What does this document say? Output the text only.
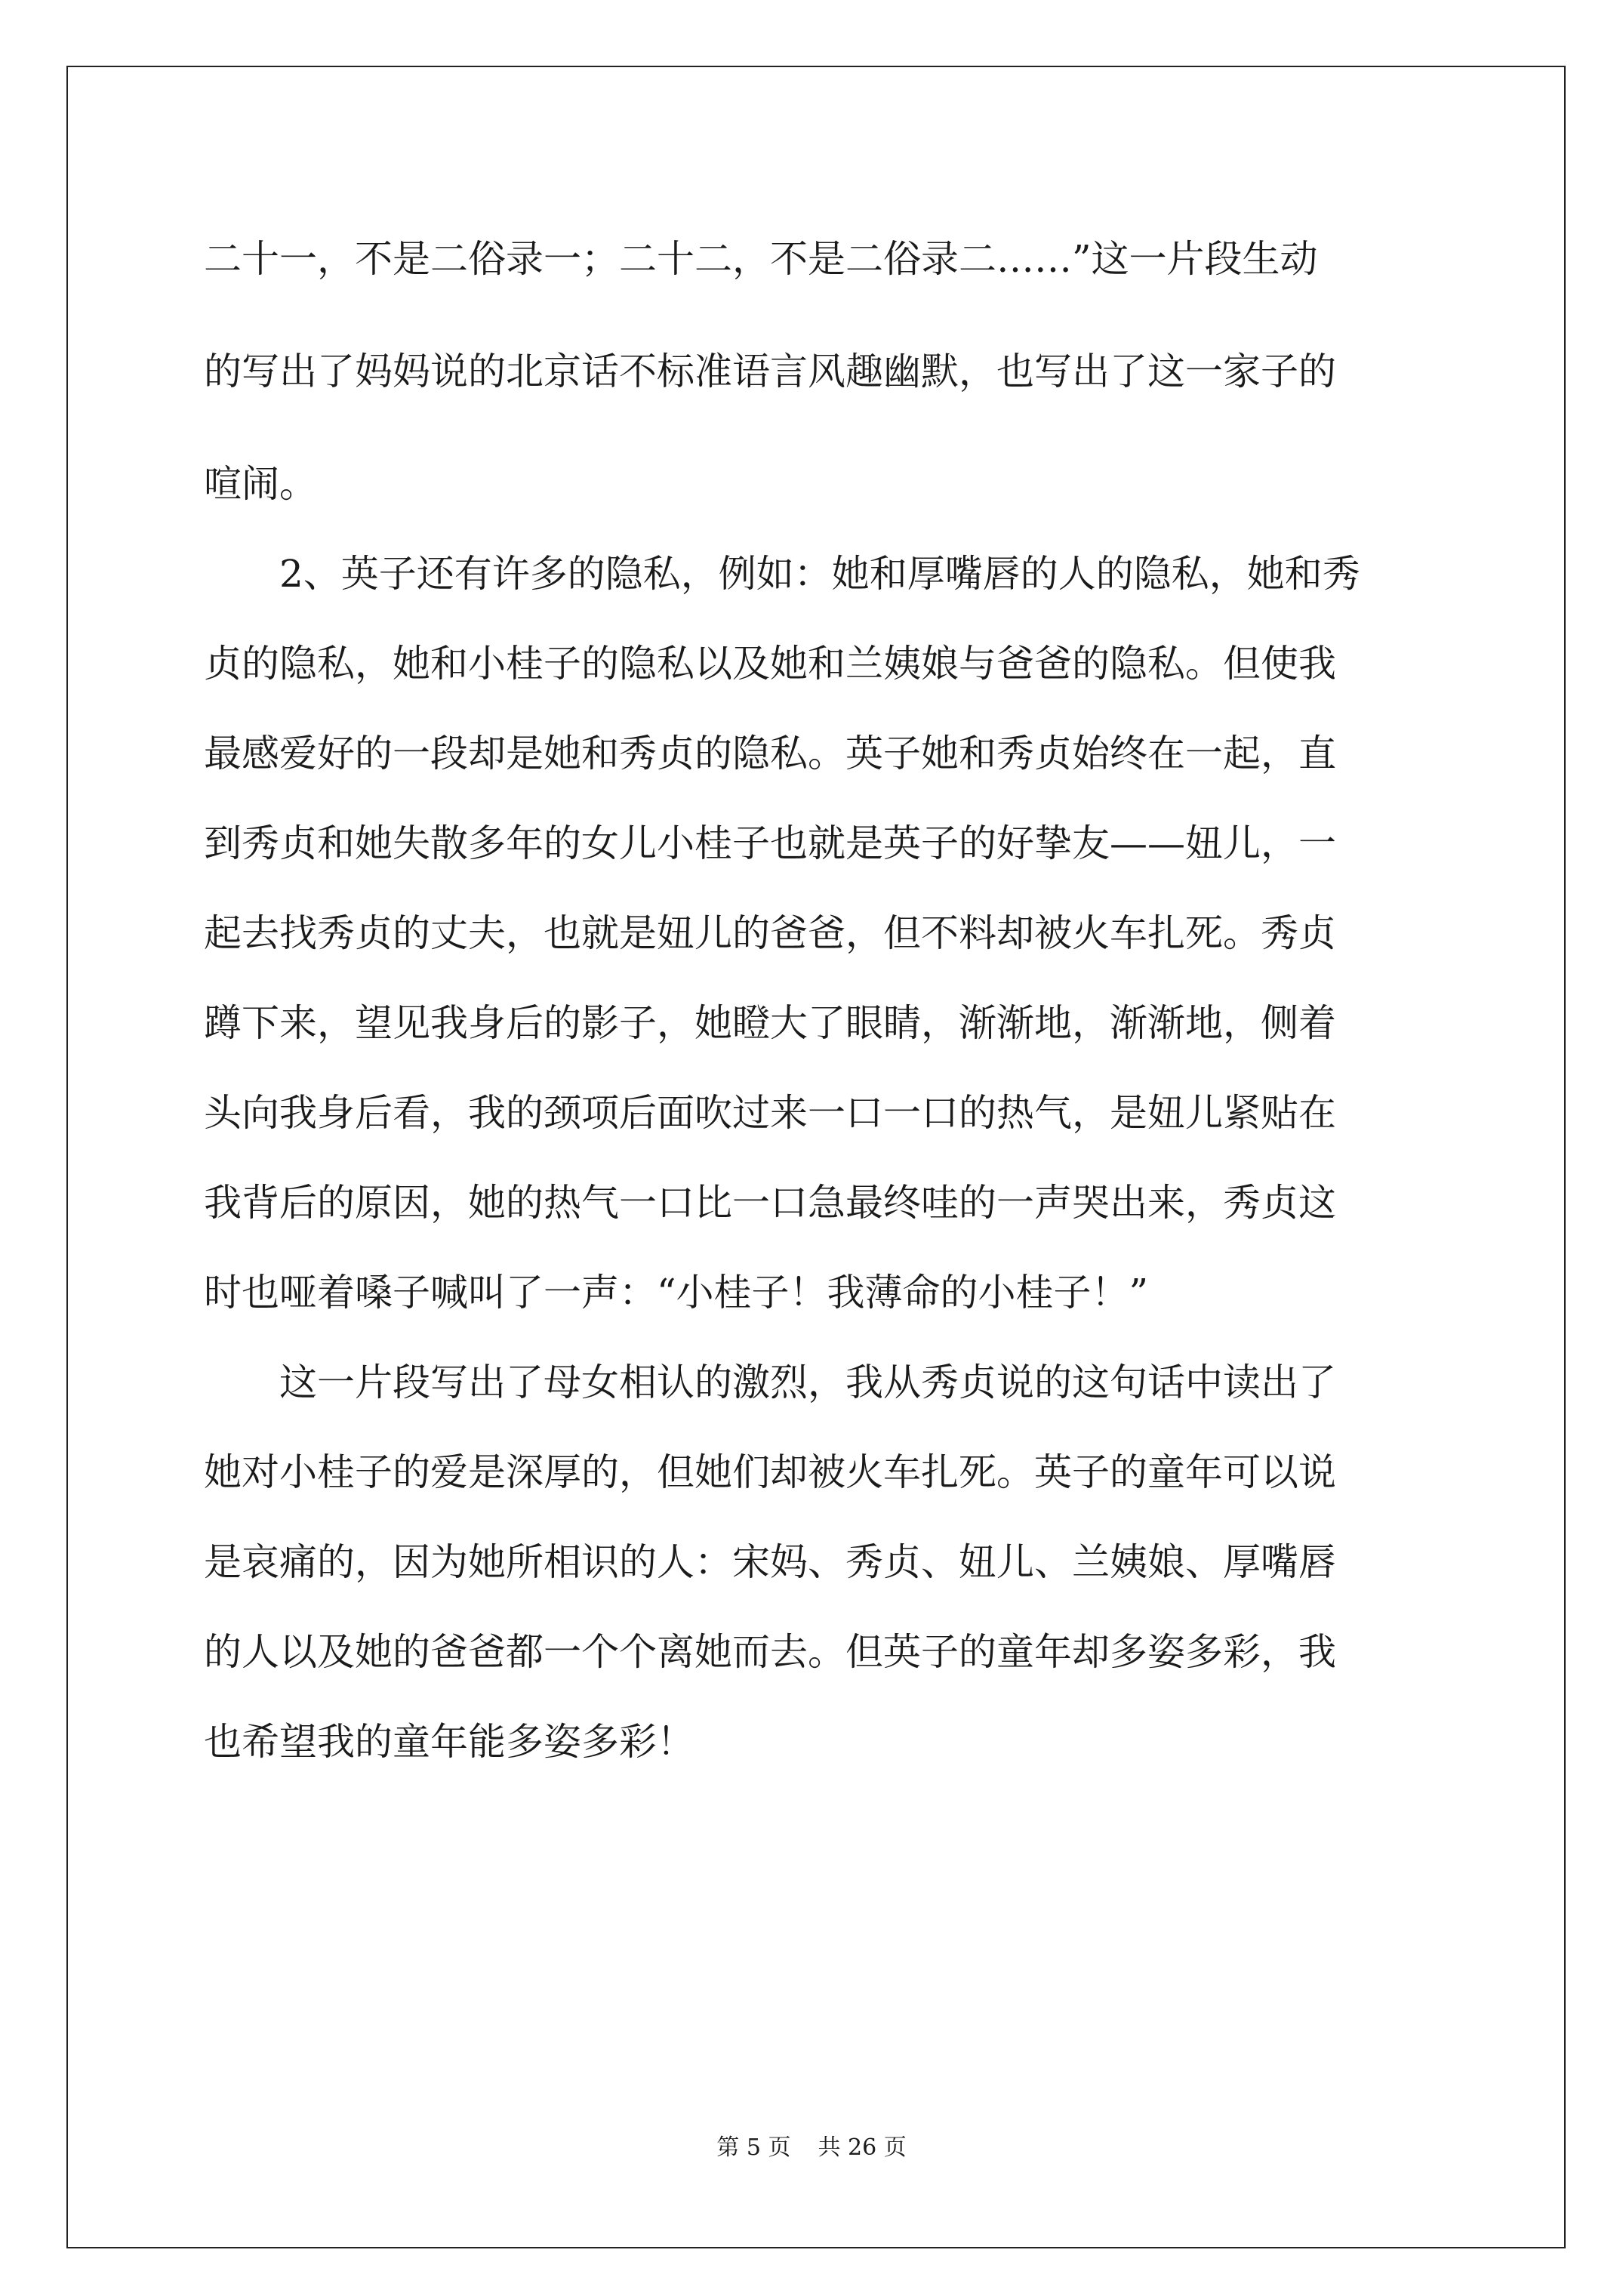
二十一，不是二俗录一；二十二，不是二俗录二……”这一片段生动
的写出了妈妈说的北京话不标准语言风趣幽默，也写出了这一家子的
喧闹。
2、英子还有许多的隐私，例如：她和厚嘴唇的人的隐私，她和秀
贞的隐私，她和小桂子的隐私以及她和兰姨娘与爸爸的隐私。但使我
最感爱好的一段却是她和秀贞的隐私。英子她和秀贞始终在一起，直
到秀贞和她失散多年的女儿小桂子也就是英子的好挚友——妞儿，一
起去找秀贞的丈夫，也就是妞儿的爸爸，但不料却被火车扎死。秀贞
蹲下来，望见我身后的影子，她瞪大了眼睛，渐渐地，渐渐地，侧着
头向我身后看，我的颈项后面吹过来一口一口的热气，是妞儿紧贴在
我背后的原因，她的热气一口比一口急最终哇的一声哭出来，秀贞这
时也哑着嗓子喊叫了一声：“小桂子！我薄命的小桂子！”
这一片段写出了母女相认的激烈，我从秀贞说的这句话中读出了
她对小桂子的爱是深厚的，但她们却被火车扎死。英子的童年可以说
是哀痛的，因为她所相识的人：宋妈、秀贞、妞儿、兰姨娘、厚嘴唇
的人以及她的爸爸都一个个离她而去。但英子的童年却多姿多彩，我
也希望我的童年能多姿多彩！
第 5 页 共 26 页
